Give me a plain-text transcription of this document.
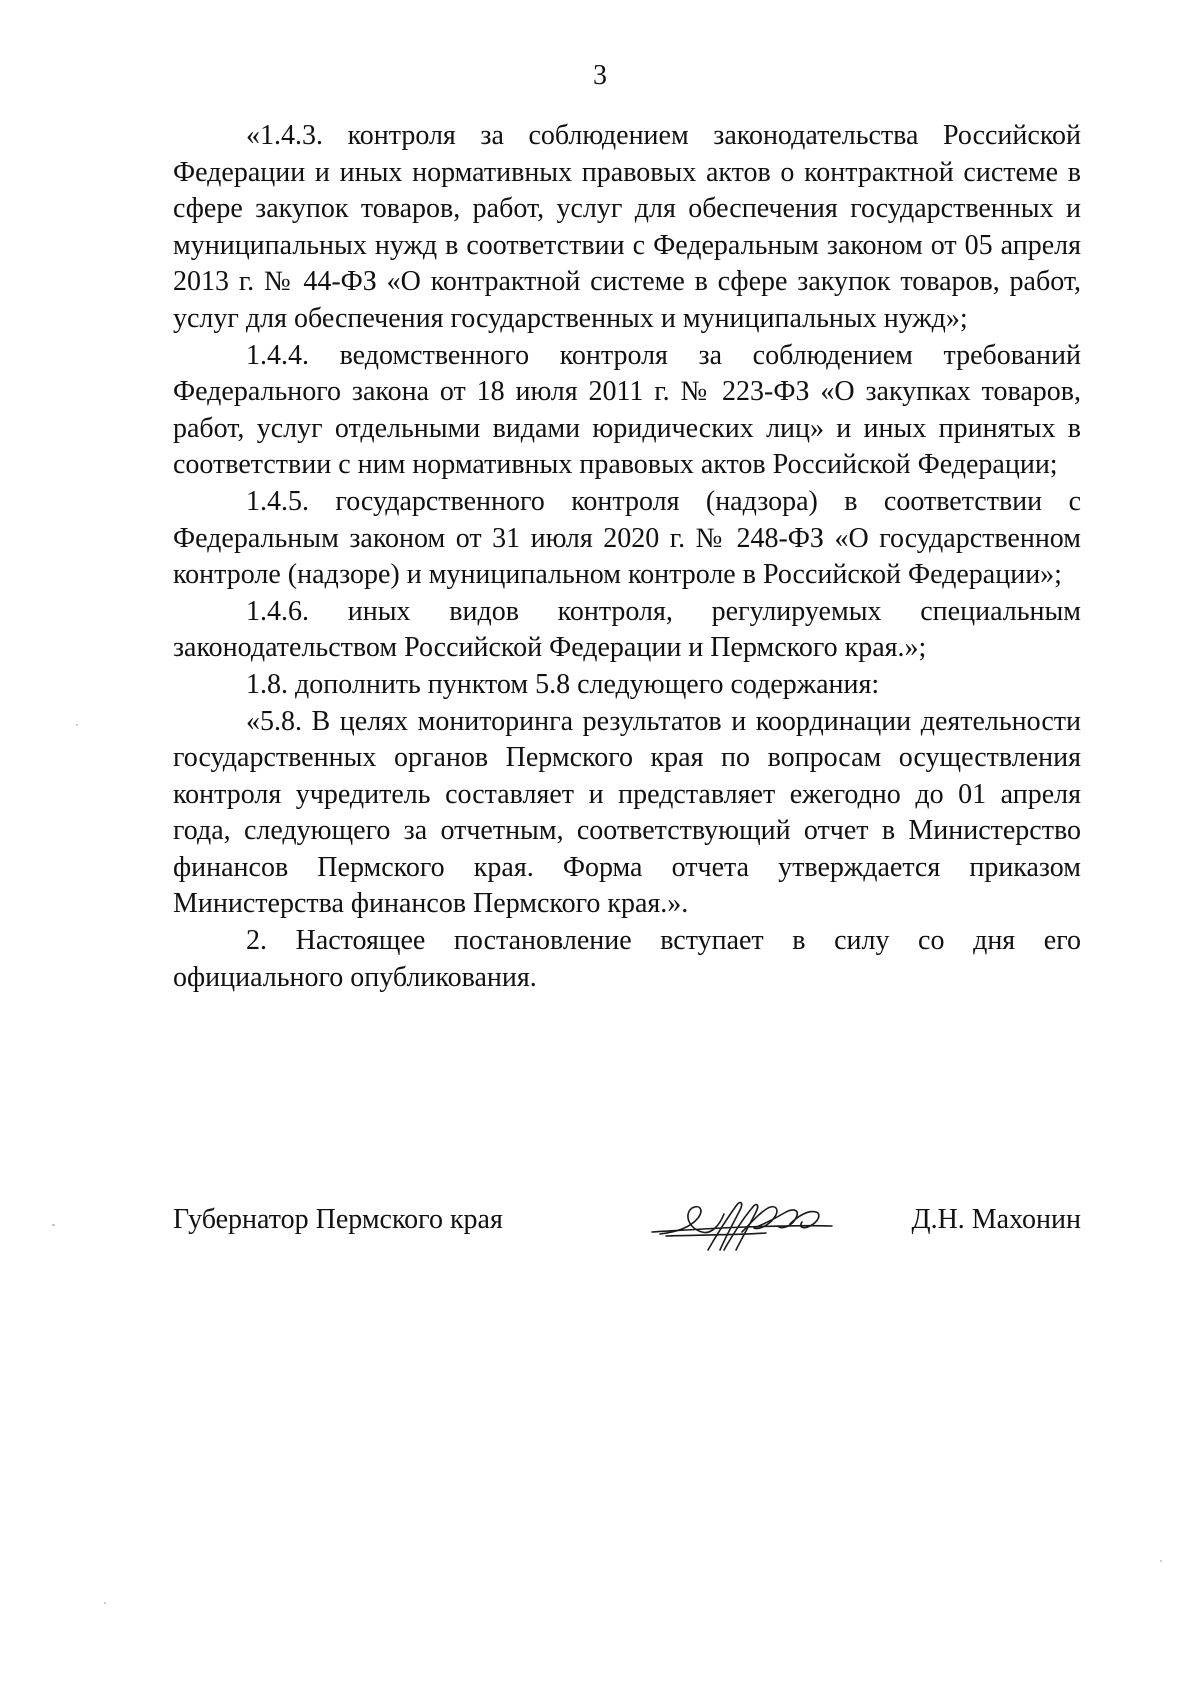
3

«1.4.3. контроля за соблюдением законодательства Российской Федерации и иных нормативных правовых актов о контрактной системе в сфере закупок товаров, работ, услуг для обеспечения государственных и муниципальных нужд в соответствии с Федеральным законом от 05 апреля 2013 г. № 44-ФЗ «О контрактной системе в сфере закупок товаров, работ, услуг для обеспечения государственных и муниципальных нужд»;

1.4.4. ведомственного контроля за соблюдением требований Федерального закона от 18 июля 2011 г. № 223-ФЗ «О закупках товаров, работ, услуг отдельными видами юридических лиц» и иных принятых в соответствии с ним нормативных правовых актов Российской Федерации;

1.4.5. государственного контроля (надзора) в соответствии с Федеральным законом от 31 июля 2020 г. № 248-ФЗ «О государственном контроле (надзоре) и муниципальном контроле в Российской Федерации»;

1.4.6. иных видов контроля, регулируемых специальным законодательством Российской Федерации и Пермского края.»;

1.8. дополнить пунктом 5.8 следующего содержания:

«5.8. В целях мониторинга результатов и координации деятельности государственных органов Пермского края по вопросам осуществления контроля учредитель составляет и представляет ежегодно до 01 апреля года, следующего за отчетным, соответствующий отчет в Министерство финансов Пермского края. Форма отчета утверждается приказом Министерства финансов Пермского края.».

2. Настоящее постановление вступает в силу со дня его официального опубликования.

Губернатор Пермского края	Д.Н. Махонин
